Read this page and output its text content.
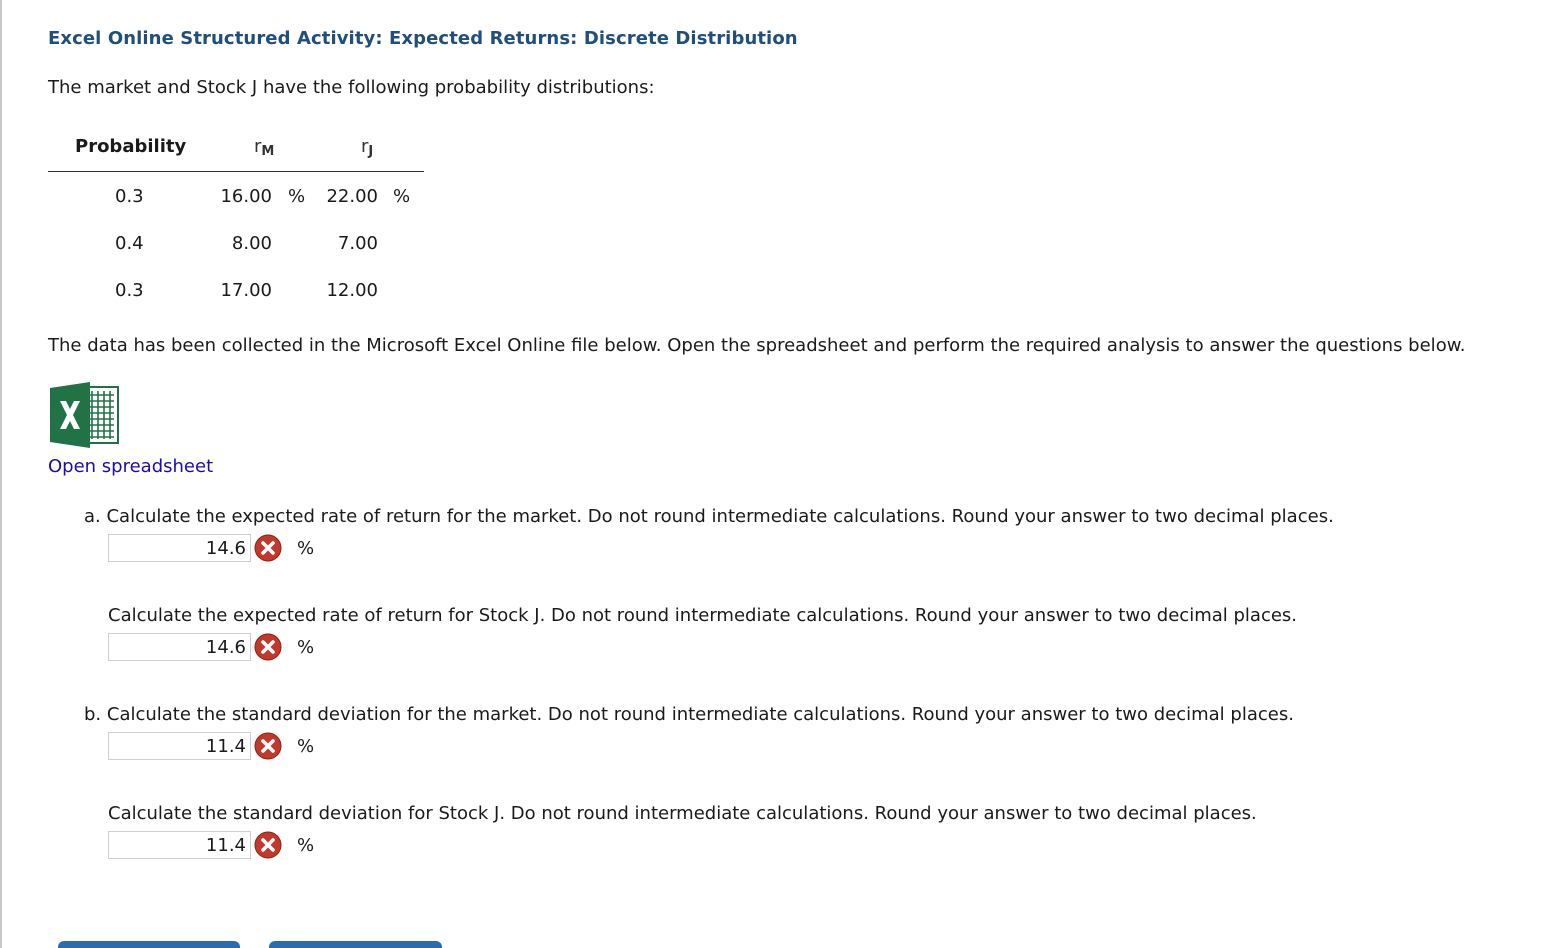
Excel Online Structured Activity: Expected Returns: Discrete Distribution

The market and Stock J have the following probability distributions:

Probability	$r_M$	$r_J$
0.3	16.00 % 22.00 %
0.4	8.00	7.00
0.3	17.00	12.00

The data has been collected in the Microsoft Excel Online file below. Open the spreadsheet and perform the required analysis to answer the questions below.

Open spreadsheet

a. Calculate the expected rate of return for the market. Do not round intermediate calculations. Round your answer to two decimal places.

14.6
%

Calculate the expected rate of return for Stock J. Do not round intermediate calculations. Round your answer to two decimal places.

14.6
%

b. Calculate the standard deviation for the market. Do not round intermediate calculations. Round your answer to two decimal places.

11.4
%

Calculate the standard deviation for Stock J. Do not round intermediate calculations. Round your answer to two decimal places.

11.4
%
